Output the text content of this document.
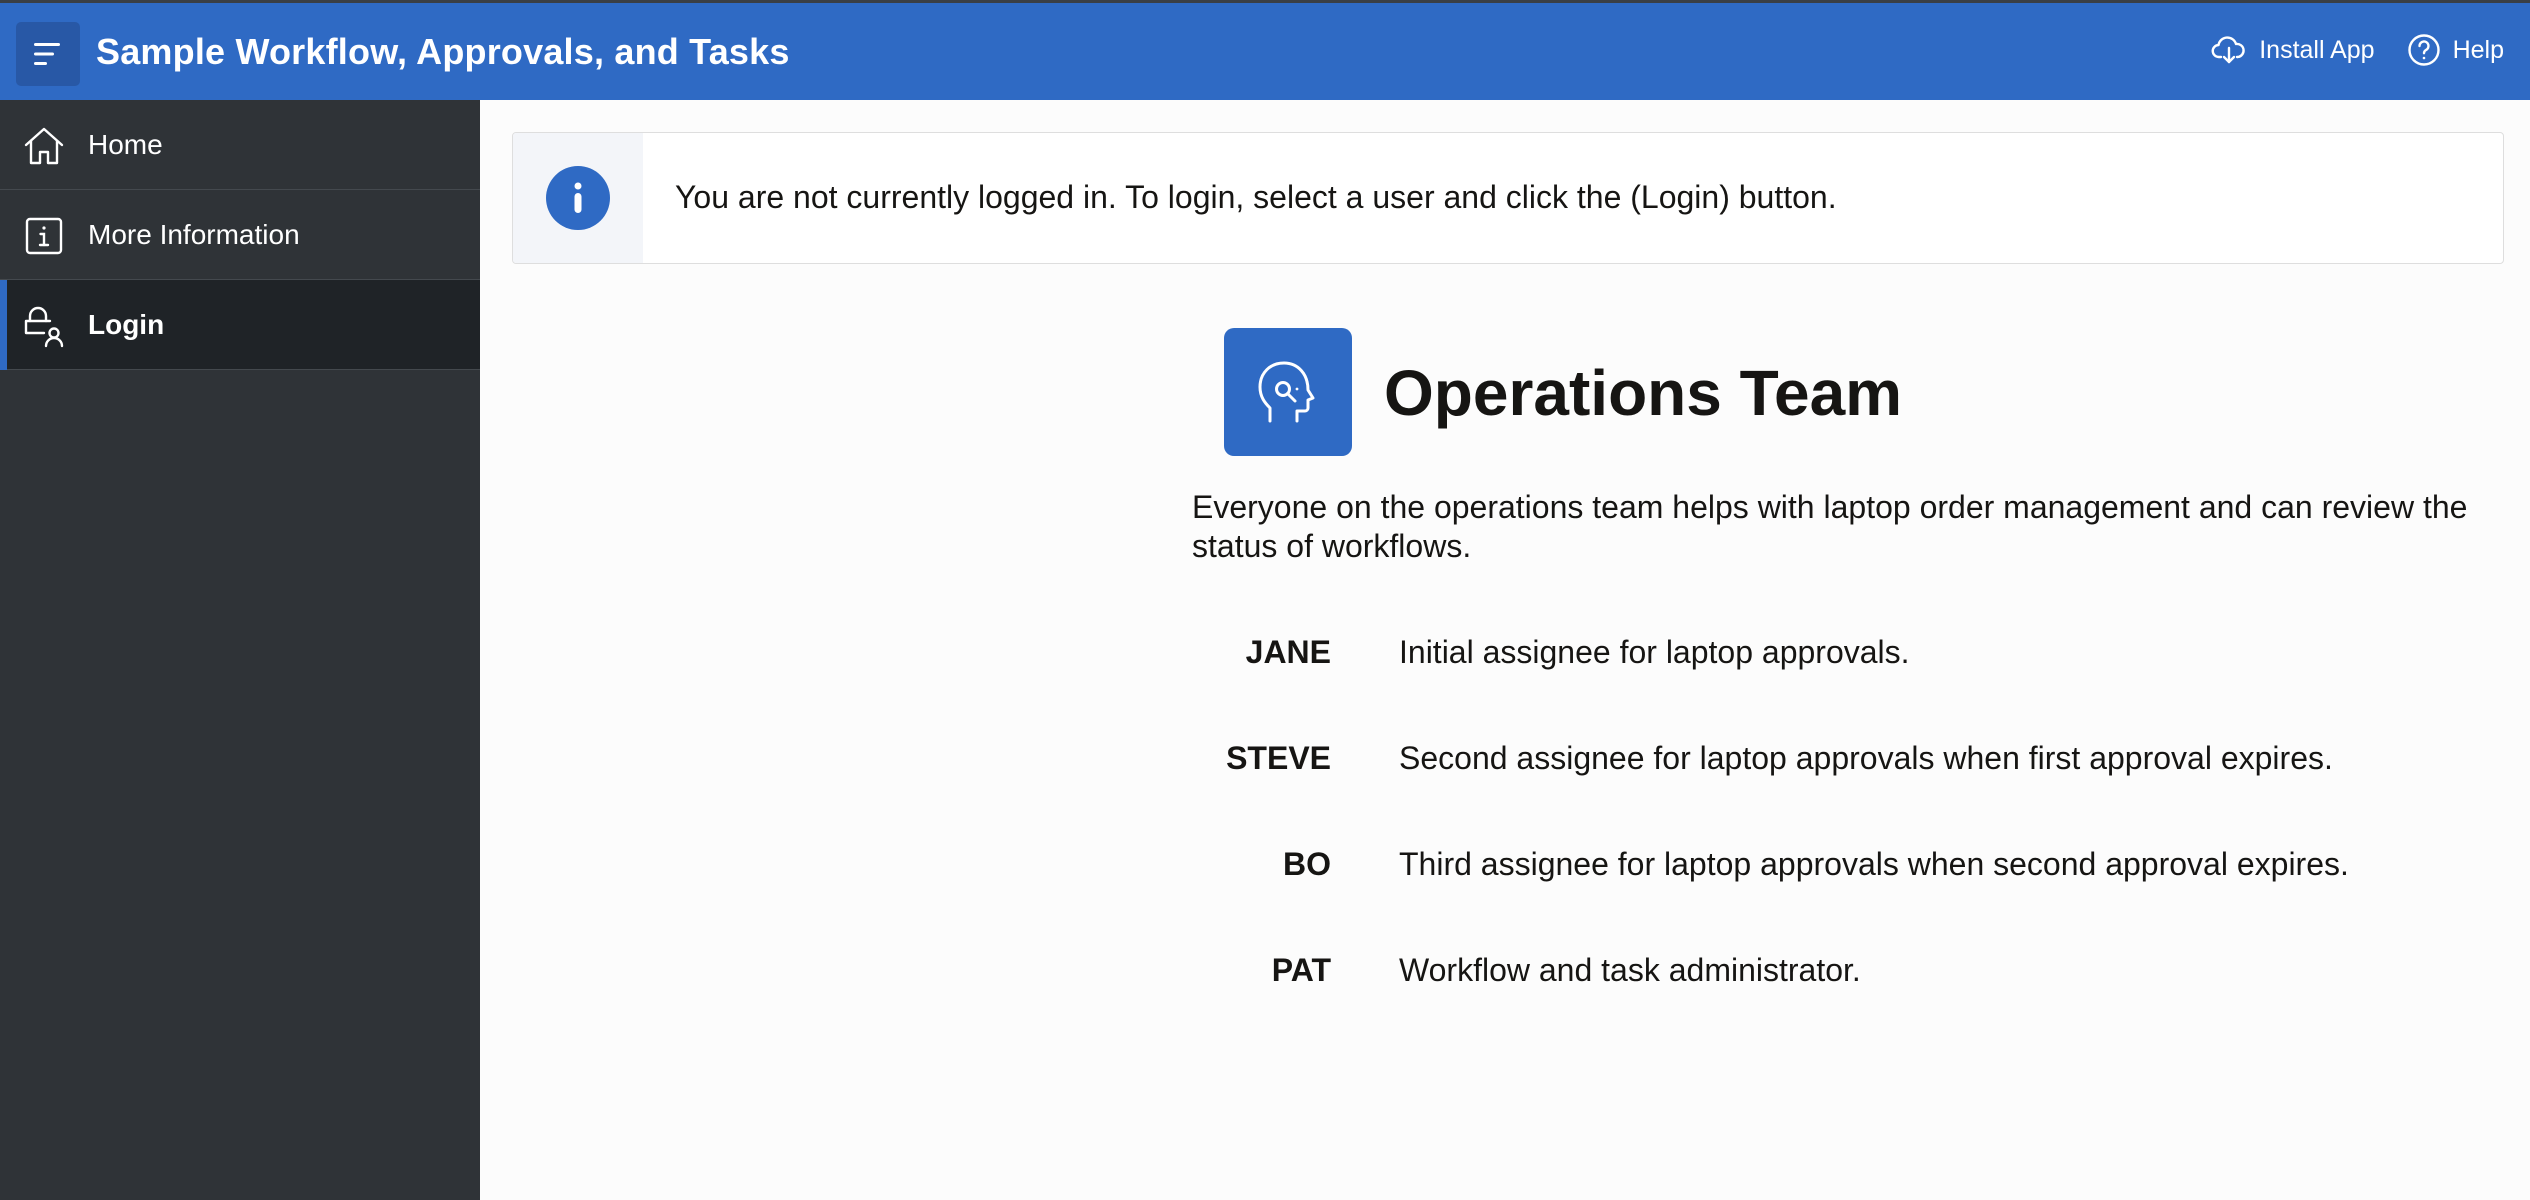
Sample Workflow, Approvals, and Tasks	Install App	Help
Home
More Information
Login
You are not currently logged in. To login, select a user and click the (Login) button.
Operations Team
Everyone on the operations team helps with laptop order management and can review the status of workflows.
JANE Initial assignee for laptop approvals.
STEVE Second assignee for laptop approvals when first approval expires.
BO Third assignee for laptop approvals when second approval expires.
PAT Workflow and task administrator.
